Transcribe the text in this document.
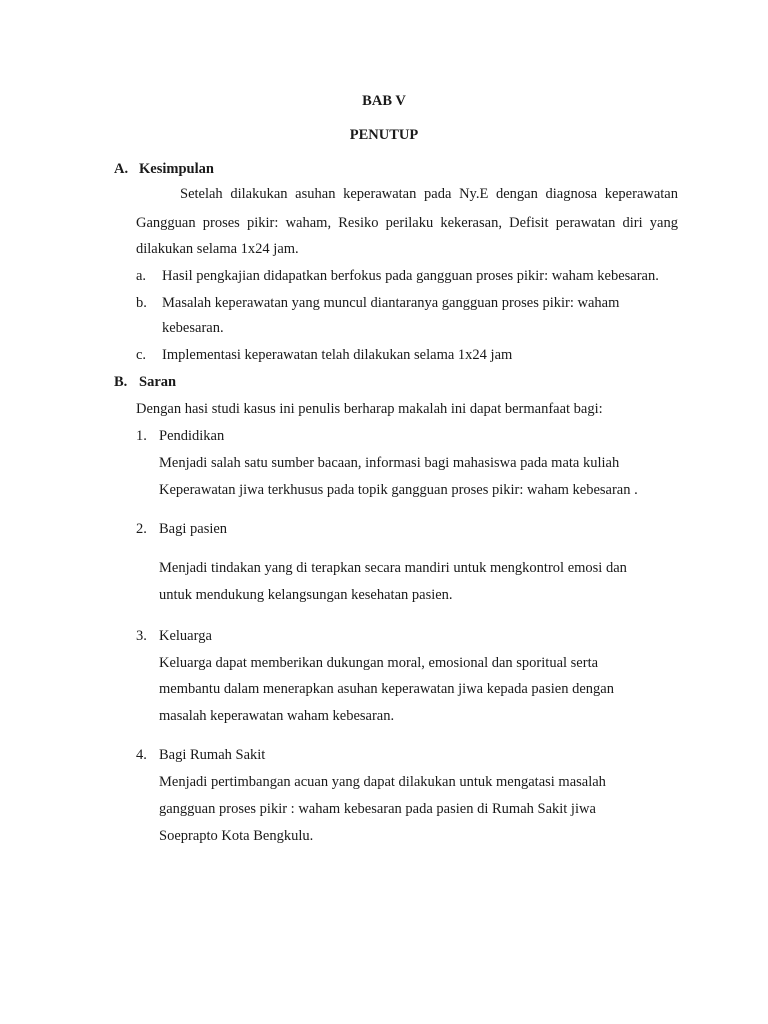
BAB V
PENUTUP
A. Kesimpulan
Setelah dilakukan asuhan keperawatan pada Ny.E dengan diagnosa keperawatan
Gangguan proses pikir: waham, Resiko perilaku kekerasan, Defisit perawatan diri yang
dilakukan selama 1x24 jam.
a. Hasil pengkajian didapatkan berfokus pada gangguan proses pikir: waham kebesaran.
b. Masalah keperawatan yang muncul diantaranya gangguan proses pikir: waham
kebesaran.
c. Implementasi keperawatan telah dilakukan selama 1x24 jam
B. Saran
Dengan hasi studi kasus ini penulis berharap makalah ini dapat bermanfaat bagi:
1. Pendidikan
Menjadi salah satu sumber bacaan, informasi bagi mahasiswa pada mata kuliah
Keperawatan jiwa terkhusus pada topik gangguan proses pikir: waham kebesaran .
2. Bagi pasien
Menjadi tindakan yang di terapkan secara mandiri untuk mengkontrol emosi dan
untuk mendukung kelangsungan kesehatan pasien.
3. Keluarga
Keluarga dapat memberikan dukungan moral, emosional dan sporitual serta
membantu dalam menerapkan asuhan keperawatan jiwa kepada pasien dengan
masalah keperawatan waham kebesaran.
4. Bagi Rumah Sakit
Menjadi pertimbangan acuan yang dapat dilakukan untuk mengatasi masalah
gangguan proses pikir : waham kebesaran pada pasien di Rumah Sakit jiwa
Soeprapto Kota Bengkulu.
